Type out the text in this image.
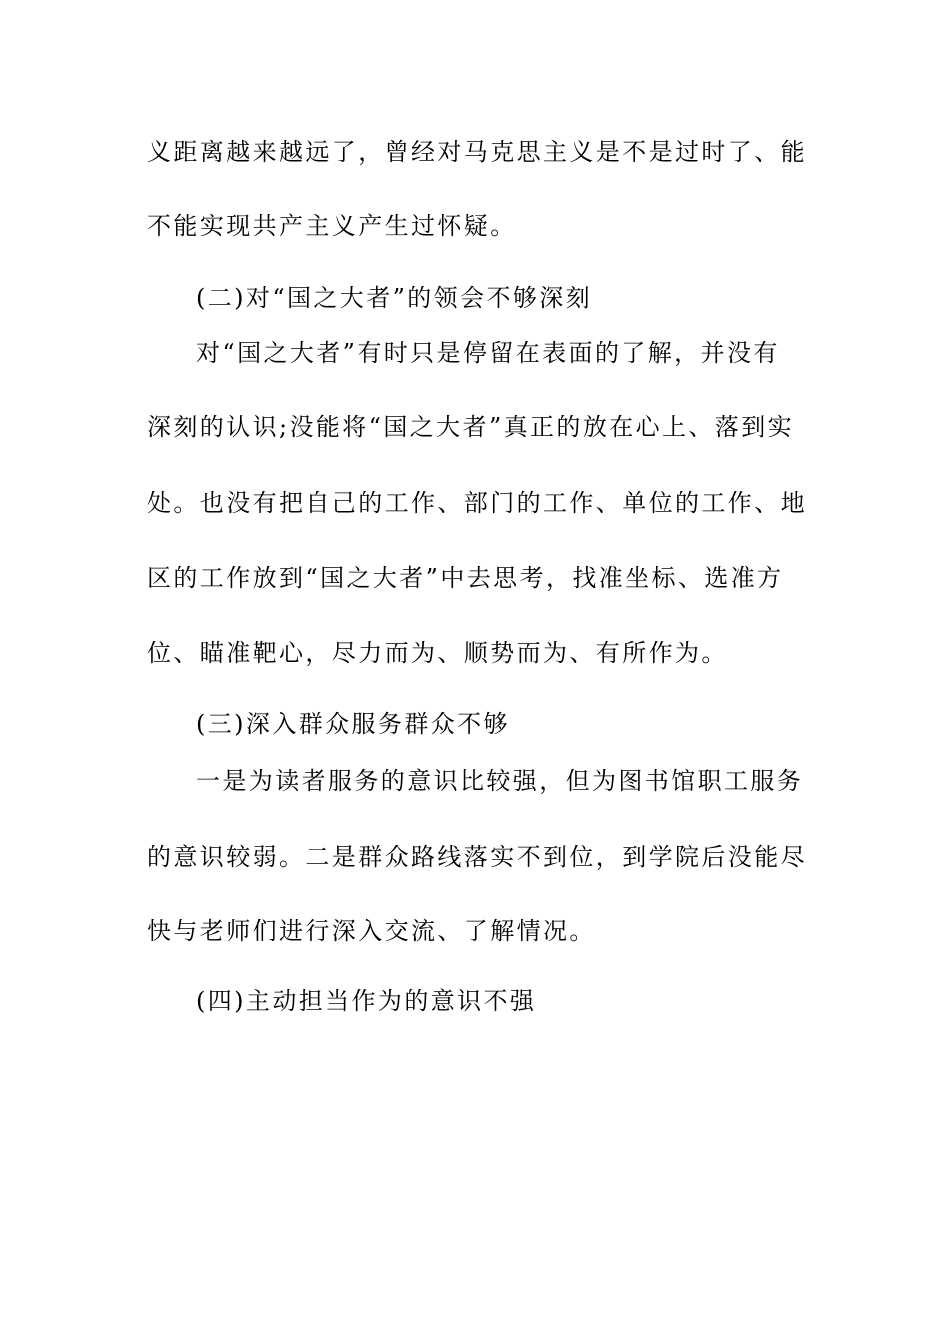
义距离越来越远了，曾经对马克思主义是不是过时了、能
不能实现共产主义产生过怀疑。
(二)对“国之大者”的领会不够深刻
对“国之大者”有时只是停留在表面的了解，并没有
深刻的认识;没能将“国之大者”真正的放在心上、落到实
处。也没有把自己的工作、部门的工作、单位的工作、地
区的工作放到“国之大者”中去思考，找准坐标、选准方
位、瞄准靶心，尽力而为、顺势而为、有所作为。
(三)深入群众服务群众不够
一是为读者服务的意识比较强，但为图书馆职工服务
的意识较弱。二是群众路线落实不到位，到学院后没能尽
快与老师们进行深入交流、了解情况。
(四)主动担当作为的意识不强
